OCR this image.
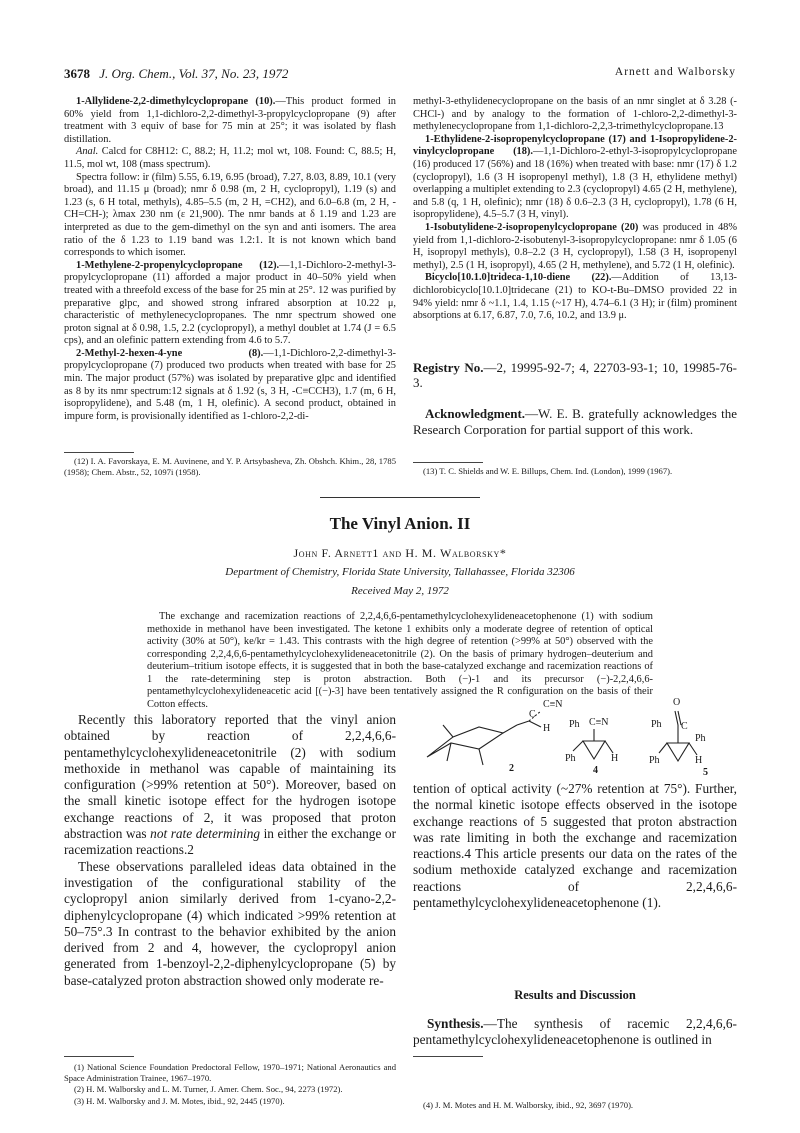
3678 J. Org. Chem., Vol. 37, No. 23, 1972	Arnett and Walborsky

1-Allylidene-2,2-dimethylcyclopropane (10).—This product formed in 60% yield from 1,1-dichloro-2,2-dimethyl-3-propylcyclopropane (9) after treatment with 3 equiv of base for 75 min at 25°; it was isolated by flash distillation.

Anal. Calcd for C8H12: C, 88.2; H, 11.2; mol wt, 108. Found: C, 88.5; H, 11.5, mol wt, 108 (mass spectrum).

Spectra follow: ir (film) 5.55, 6.19, 6.95 (broad), 7.27, 8.03, 8.89, 10.1 (very broad), and 11.15 μ (broad); nmr δ 0.98 (m, 2 H, cyclopropyl), 1.19 (s) and 1.23 (s, 6 H total, methyls), 4.85–5.5 (m, 2 H, =CH2), and 6.0–6.8 (m, 2 H, -CH=CH-); λmax 230 nm (ε 21,900). The nmr bands at δ 1.19 and 1.23 are interpreted as due to the gem-dimethyl on the syn and anti isomers. The area ratio of the δ 1.23 to 1.19 band was 1.2:1. It is not known which band corresponds to which isomer.

1-Methylene-2-propenylcyclopropane (12).—1,1-Dichloro-2-methyl-3-propylcyclopropane (11) afforded a major product in 40–50% yield when treated with a threefold excess of the base for 25 min at 25°. 12 was purified by preparative glpc, and showed strong infrared absorption at 10.22 μ, characteristic of methylenecyclopropanes. The nmr spectrum showed one proton signal at δ 0.98, 1.5, 2.2 (cyclopropyl), a methyl doublet at 1.74 (J = 6.5 cps), and an olefinic pattern extending from 4.6 to 5.7.

2-Methyl-2-hexen-4-yne (8).—1,1-Dichloro-2,2-dimethyl-3-propylcyclopropane (7) produced two products when treated with base for 25 min. The major product (57%) was isolated by preparative glpc and identified as 8 by its nmr spectrum:12 signals at δ 1.92 (s, 3 H, -C≡CCH3), 1.7 (m, 6 H, isopropylidene), and 5.48 (m, 1 H, olefinic). A second product, obtained in impure form, is provisionally identified as 1-chloro-2,2-di-

(12) I. A. Favorskaya, E. M. Auvinene, and Y. P. Artsybasheva, Zh. Obshch. Khim., 28, 1785 (1958); Chem. Abstr., 52, 1097i (1958).

methyl-3-ethylidenecyclopropane on the basis of an nmr singlet at δ 3.28 (-CHCl-) and by analogy to the formation of 1-chloro-2,2-dimethyl-3-methylenecyclopropane from 1,1-dichloro-2,2,3-trimethylcyclopropane.13

1-Ethylidene-2-isopropenylcyclopropane (17) and 1-Isopropylidene-2-vinylcyclopropane (18).—1,1-Dichloro-2-ethyl-3-isopropylcyclopropane (16) produced 17 (56%) and 18 (16%) when treated with base: nmr (17) δ 1.2 (cyclopropyl), 1.6 (3 H isopropenyl methyl), 1.8 (3 H, ethylidene methyl) overlapping a multiplet extending to 2.3 (cyclopropyl) 4.65 (2 H, methylene), and 5.8 (q, 1 H, olefinic); nmr (18) δ 0.6–2.3 (3 H, cyclopropyl), 1.78 (6 H, isopropylidene), 4.5–5.7 (3 H, vinyl).

1-Isobutylidene-2-isopropenylcyclopropane (20) was produced in 48% yield from 1,1-dichloro-2-isobutenyl-3-isopropylcyclopropane: nmr δ 1.05 (6 H, isopropyl methyls), 0.8–2.2 (3 H, cyclopropyl), 1.58 (3 H, isopropenyl methyl), 2.5 (1 H, isopropyl), 4.65 (2 H, methylene), and 5.72 (1 H, olefinic).

Bicyclo[10.1.0]trideca-1,10-diene (22).—Addition of 13,13-dichlorobicyclo[10.1.0]tridecane (21) to KO-t-Bu–DMSO provided 22 in 94% yield: nmr δ ~1.1, 1.4, 1.15 (~17 H), 4.74–6.1 (3 H); ir (film) prominent absorptions at 6.17, 6.87, 7.0, 7.6, 10.2, and 13.9 μ.

Registry No.—2, 19995-92-7; 4, 22703-93-1; 10, 19985-76-3.

Acknowledgment.—W. E. B. gratefully acknowledges the Research Corporation for partial support of this work.

(13) T. C. Shields and W. E. Billups, Chem. Ind. (London), 1999 (1967).

The Vinyl Anion. II
John F. Arnett1 and H. M. Walborsky*
Department of Chemistry, Florida State University, Tallahassee, Florida 32306
Received May 2, 1972

The exchange and racemization reactions of 2,2,4,6,6-pentamethylcyclohexylideneacetophenone (1) with sodium methoxide in methanol have been investigated. The ketone 1 exhibits only a moderate degree of retention of optical activity (30% at 50°), ke/kr = 1.43. This contrasts with the high degree of retention (>99% at 50°) observed with the corresponding 2,2,4,6,6-pentamethylcyclohexylideneacetonitrile (2). On the basis of primary hydrogen–deuterium and deuterium–tritium isotope effects, it is suggested that in both the base-catalyzed exchange and racemization reactions of 1 the rate-determining step is proton abstraction. Both (−)-1 and its precursor (−)-2,2,4,6,6-pentamethylcyclohexylideneacetic acid [(−)-3] have been tentatively assigned the R configuration on the basis of their Cotton effects.

Recently this laboratory reported that the vinyl anion obtained by reaction of 2,2,4,6,6-pentamethylcyclohexylideneacetonitrile (2) with sodium methoxide in methanol was capable of maintaining its configuration (>99% retention at 50°). Moreover, based on the small kinetic isotope effect for the hydrogen isotope exchange reactions of 2, it was proposed that proton abstraction was not rate determining in either the exchange or racemization reactions.2

These observations paralleled ideas data obtained in the investigation of the configurational stability of the cyclopropyl anion similarly derived from 1-cyano-2,2-diphenylcyclopropane (4) which indicated >99% retention at 50–75°.3 In contrast to the behavior exhibited by the anion derived from 2 and 4, however, the cyclopropyl anion generated from 1-benzoyl-2,2-diphenylcyclopropane (5) by base-catalyzed proton abstraction showed only moderate re-

C≡N
C
H
2
Ph C≡N
Ph	H
4
O
Ph C
Ph
Ph	H
5

tention of optical activity (~27% retention at 75°). Further, the normal kinetic isotope effects observed in the isotope exchange reactions of 5 suggested that proton abstraction was rate limiting in both the exchange and racemization reactions.4 This article presents our data on the rates of the sodium methoxide catalyzed exchange and racemization reactions of 2,2,4,6,6-pentamethylcyclohexylideneacetophenone (1).

Results and Discussion

Synthesis.—The synthesis of racemic 2,2,4,6,6-pentamethylcyclohexylideneacetophenone is outlined in

(1) National Science Foundation Predoctoral Fellow, 1970–1971; National Aeronautics and Space Administration Trainee, 1967–1970.

(2) H. M. Walborsky and L. M. Turner, J. Amer. Chem. Soc., 94, 2273 (1972).

(3) H. M. Walborsky and J. M. Motes, ibid., 92, 2445 (1970).	(4) J. M. Motes and H. M. Walborsky, ibid., 92, 3697 (1970).
